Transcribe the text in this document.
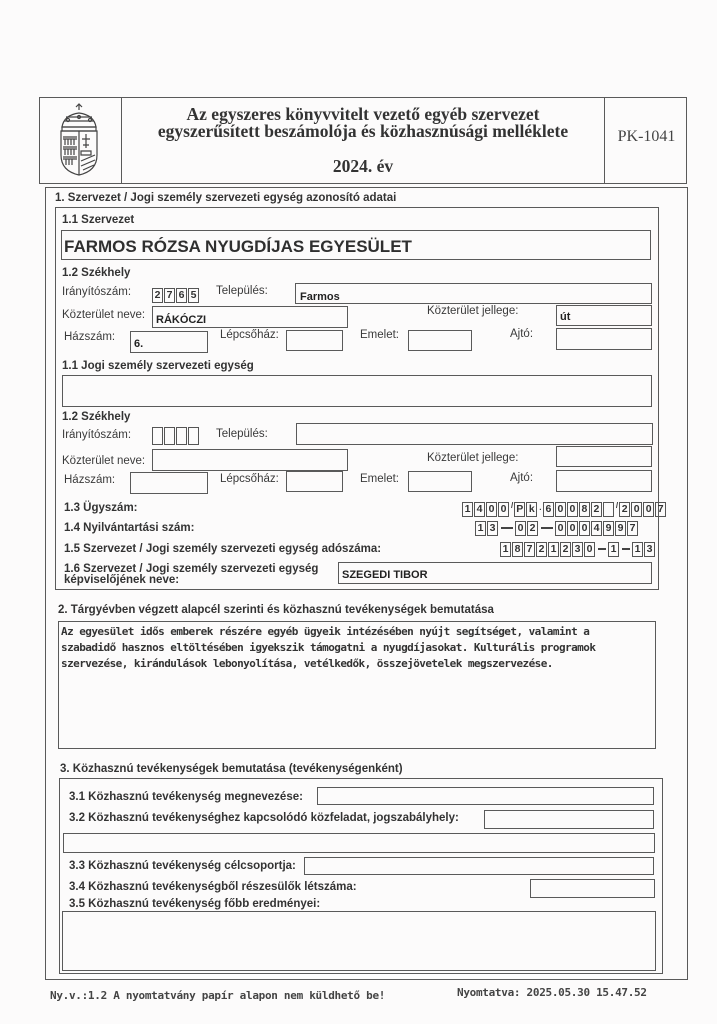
Az egyszeres könyvvitelt vezető egyéb szervezet
egyszerűsített beszámolója és közhasznúsági melléklete
2024. év
PK-1041
1. Szervezet / Jogi személy szervezeti egység azonosító adatai
1.1 Szervezet
FARMOS RÓZSA NYUGDÍJAS EGYESÜLET
1.2 Székhely
Irányítószám: 2 7 6 5 Település:	Farmos
Közterület neve: RÁKÓCZI
Közterület jellege:	út
Házszám:
6.
Lépcsőház:	Emelet:	Ajtó:
1.1 Jogi személy szervezeti egység
1.2 Székhely
Irányítószám:	Település:
Közterület neve:	Közterület jellege:
Házszám:	Lépcsőház:	Emelet:	Ajtó:
1.3 Ügyszám:	1 4 0 0 / P k · 6 0 0 8 2	/ 2 0 0 7
1.4 Nyilvántartási szám:	1 3 0 2 0 0 0 4 9 9 7
1.5 Szervezet / Jogi személy szervezeti egység adószáma:	1 8 7 2 1 2 3 0 1 1 3
1.6 Szervezet / Jogi személy szervezeti egység
képviselőjének neve:	SZEGEDI TIBOR
2. Tárgyévben végzett alapcél szerinti és közhasznú tevékenységek bemutatása
Az egyesület idős emberek részére egyéb ügyeik intézésében nyújt segítséget, valamint a
szabadidő hasznos eltöltésében igyekszik támogatni a nyugdíjasokat. Kulturális programok
szervezése, kirándulások lebonyolítása, vetélkedők, összejövetelek megszervezése.
3. Közhasznú tevékenységek bemutatása (tevékenységenként)
3.1 Közhasznú tevékenység megnevezése:
3.2 Közhasznú tevékenységhez kapcsolódó közfeladat, jogszabályhely:
3.3 Közhasznú tevékenység célcsoportja:
3.4 Közhasznú tevékenységből részesülők létszáma:
3.5 Közhasznú tevékenység főbb eredményei:
Ny.v.:1.2 A nyomtatvány papír alapon nem küldhető be!	Nyomtatva: 2025.05.30 15.47.52
